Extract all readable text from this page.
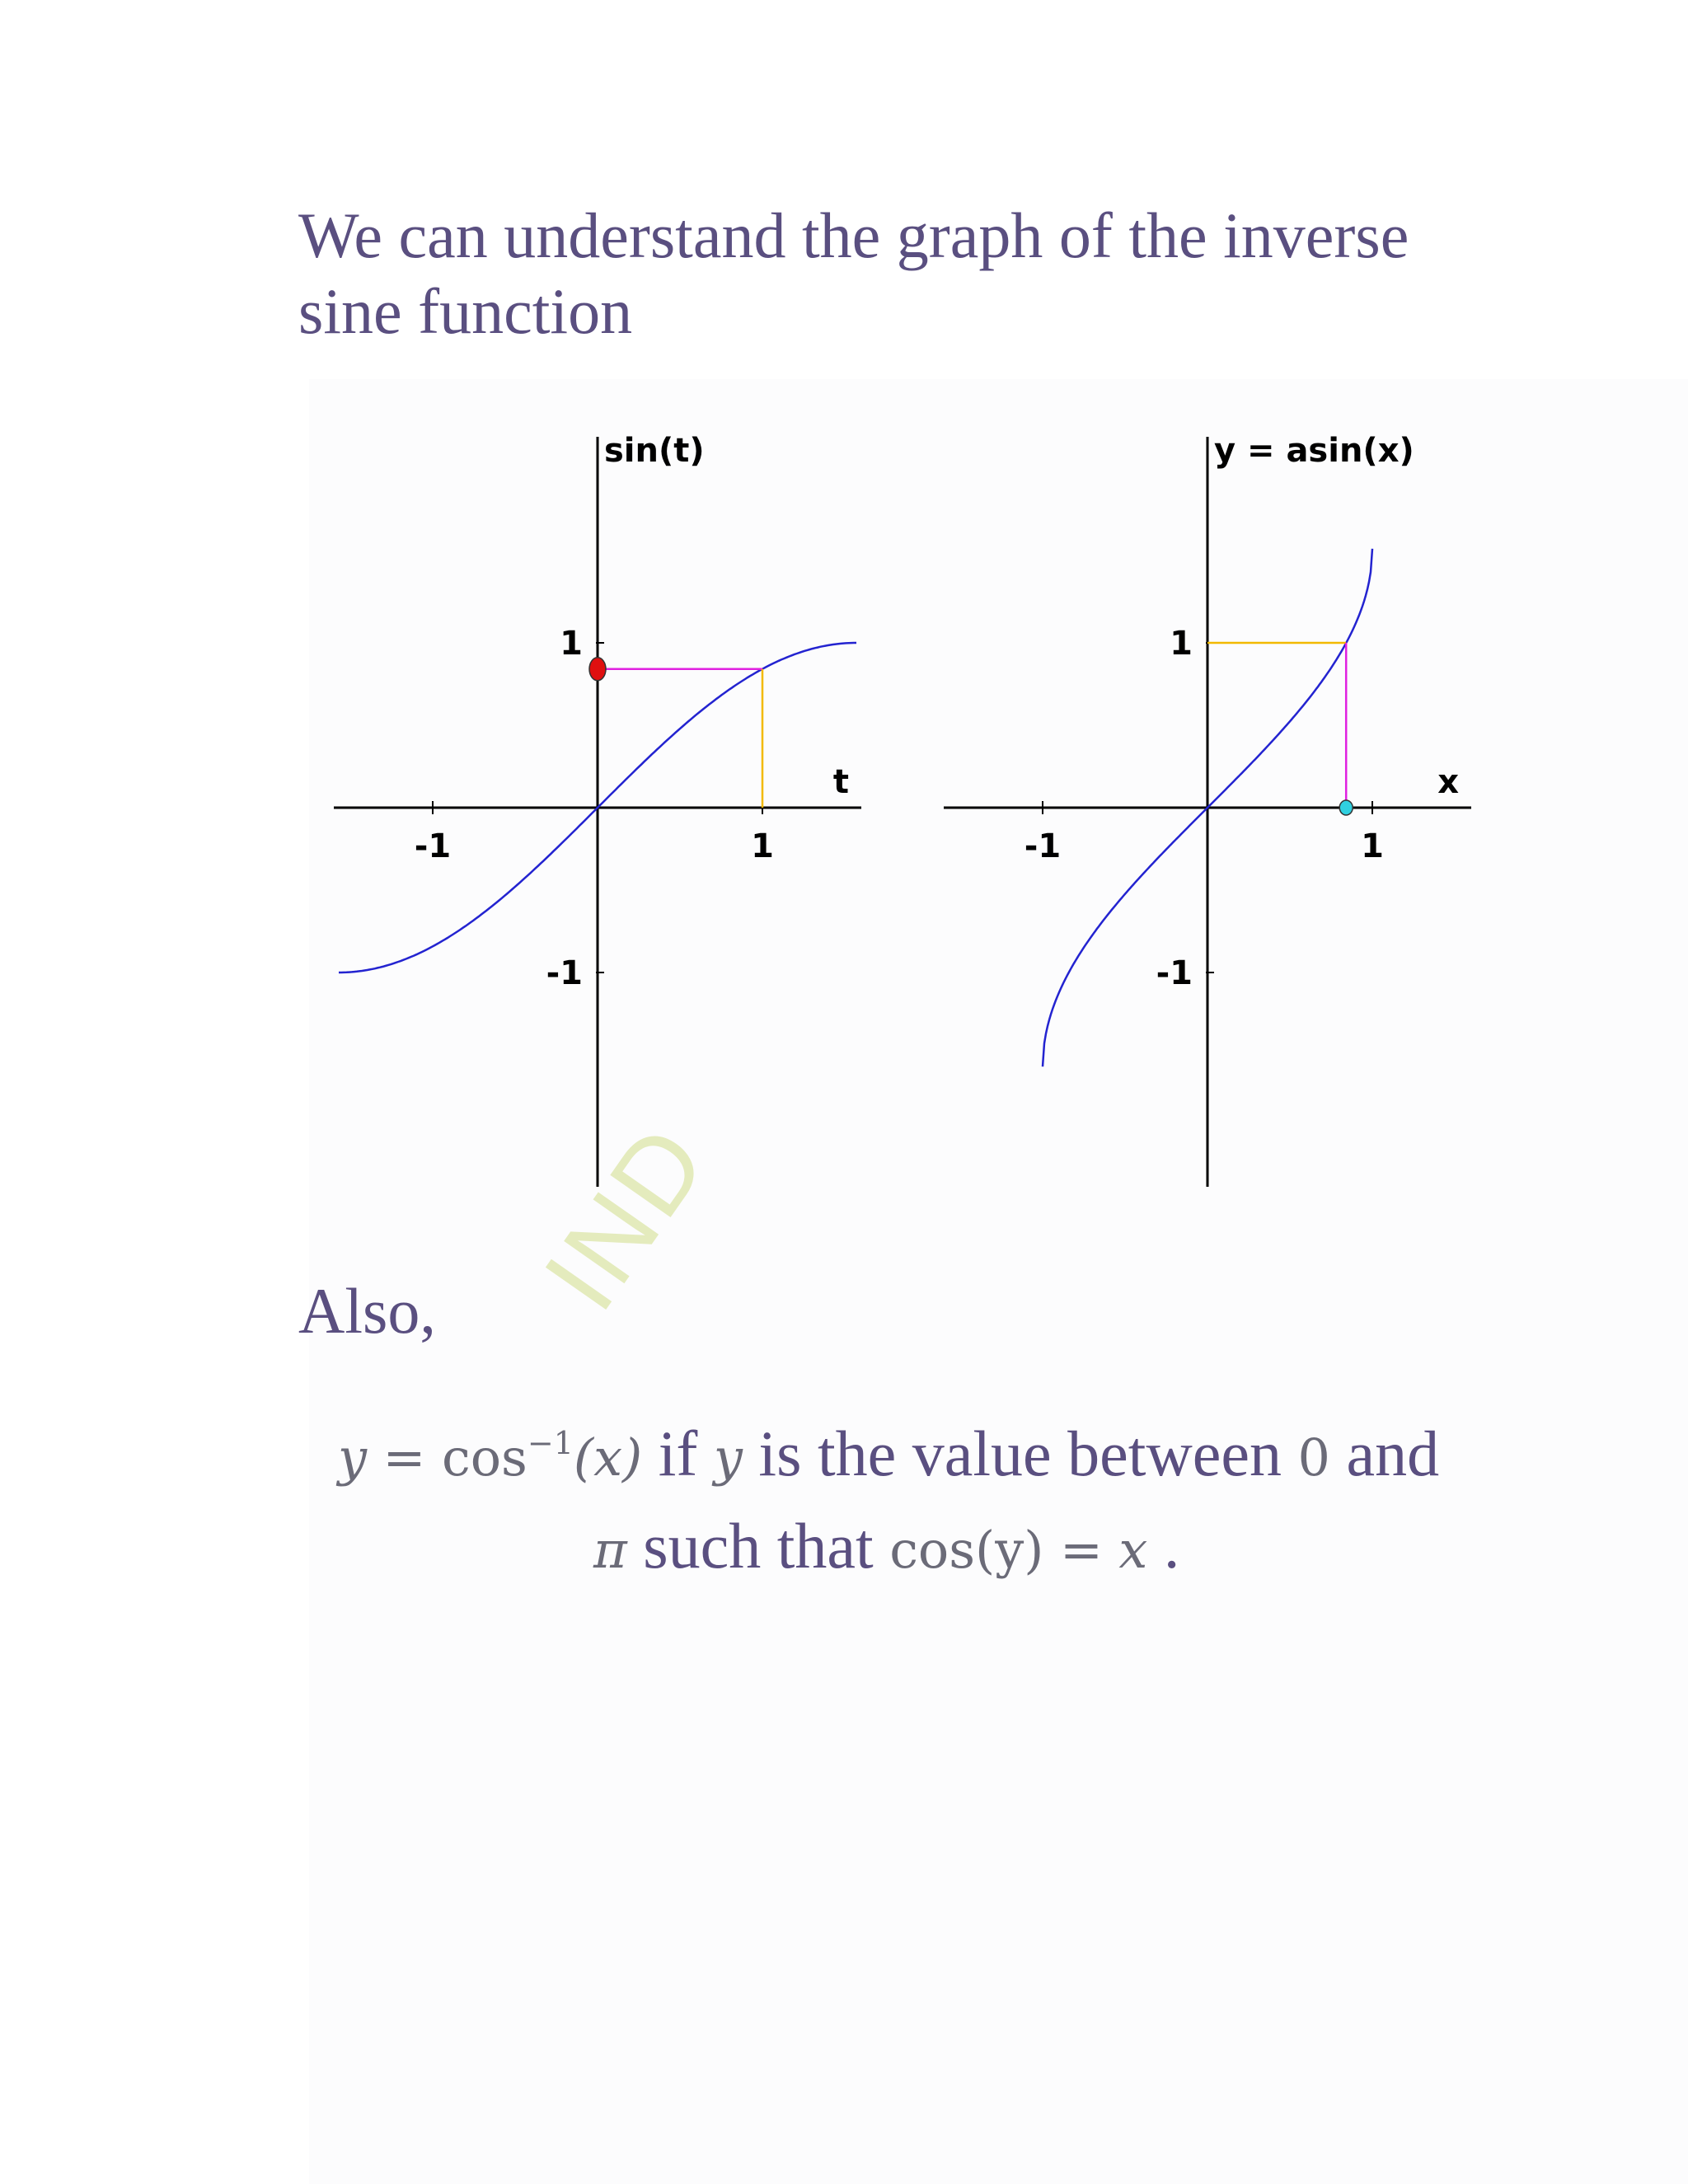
We can understand the graph of the inverse
sine function
-1	1
1
-1
sin(t)
t
-1	1
1
-1
y = asin(x)
x
IND
Also,
$y = \cos^{-1}(x)$ if y is the value between 0 and
π such that cos(y) = x .
